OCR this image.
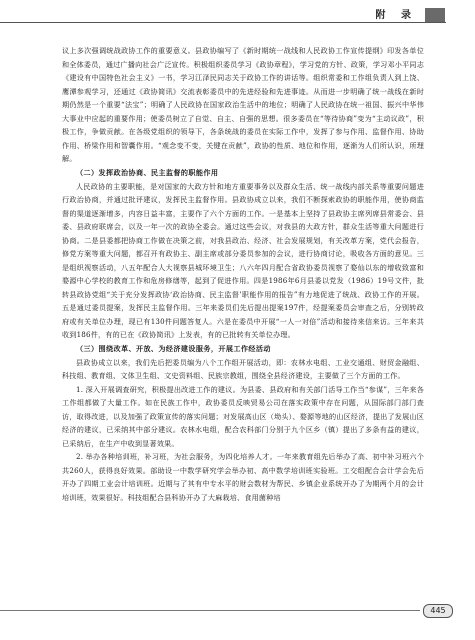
附 录

议上多次强调统战政协工作的重要意义。县政协编写了《新时期统一战线和人民政协工作宣传提纲》印发各单位和全体委员，通过广播向社会广泛宣传。积极组织委员学习《政协章程》，学习党的方针、政策，学习邓小平同志《建设有中国特色社会主义》一书，学习江泽民同志关于政协工作的讲话等。组织常委和工作组负责人到上饶、鹰潭参观学习，还通过《政协简讯》交流表彰委员中的先进经验和先进事迹。从而进一步明确了统一战线在新时期仍然是一个重要“法宝”；明确了人民政协在国家政治生活中的地位；明确了人民政协在统一祖国、振兴中华伟大事业中应起的重要作用；使委员树立了自觉、自主、自强的思想。很多委员在“等待协商”变为“主动议政”，积极工作，争做贡献。在各级党组织的领导下，各条统战的委员在实际工作中，发挥了参与作用、监督作用、协助作用、桥梁作用和智囊作用。“观念变不变，关键在贡献”，政协的性质、地位和作用，逐渐为人们所认识，所理解。

（二）发挥政治协商、民主监督的职能作用

人民政协的主要职能，是对国家的大政方针和地方重要事务以及群众生活、统一战线内部关系等重要问题进行政治协商，并通过批评建议，发挥民主监督作用。县政协成立以来，我们不断探索政协的职能作用，使协商监督的渠道逐渐增多，内容日益丰富，主要作了六个方面的工作。一是基本上坚持了县政协主席列席县常委会、县委、县政府联席会，以及一年一次的政协全委会。通过这些会议，对我县的大政方针，群众生活等重大问题进行协商。二是县委都把协商工作做在决策之前，对我县政治、经济、社会发展规划，有关改革方案，党代会报告，修党方案等重大问题，都召开有政协主、副主席或部分委员参加的会议，进行协商讨论，吸收各方面的意见。三是组织视察活动，八五年配合人大视察县城环境卫生；八六年四月配合省政协委员视察了婺仙以东的增收致富和婺源中心学校的教育工作和危房修缮等，起到了促进作用。四是1986年6月县委以党发（1986）19号文件，批转县政协党组“关于充分发挥政协‘政治协商、民主监督’职能作用的报告”有力地促进了统战、政协工作的开展。五是通过委员提案，发挥民主监督作用。三年来委员们先后提出提案197件，经提案委员会审查之后，分别转政府或有关单位办理，现已有130件问题答复人。六是在委员中开展“一人一对倍”活动和接待来信来访。三年来共收到186件，有的已在《政协简讯》上发表，有的已批转有关单位办理。

（三）围绕改革、开放、为经济建设服务，开展工作经活动

县政协成立以来，我们先后把委员编为八个工作组开展活动，即：农林水电组、工业交通组、财贸金融组、科技组、教育组、文体卫生组、文史资料组、民族宗教组，围绕全县经济建设，主要做了三个方面的工作。

1. 深入开展调查研究，积极提出改进工作的建议。为县委、县政府和有关部门活导工作当“参谋”，三年来各工作组都做了大量工作。如在民族工作中，政协委员反映贸易公司在落实政策中存在问题，从国际部门部门查访，取得改进，以及加强了政策宣传的落实问题；对发展高山区（坳头）、婺源等地的山区经济，提出了发展山区经济的建议，已采纳其中部分建议。农林水电组，配合农科部门分别于九个区乡（镇）提出了多条有益的建议，已采纳后，在生产中收到显著效果。

2. 举办各种培训班，补习班，为社会服务，为四化培养人才。一年来教育组先后举办了高、初中补习班六个共260人，获得良好效果。部助设一中数学研究学会举办初、高中数学培训班实验班。工交组配合会计学会先后开办了四期工业会计培训班。近期与了其有中专水平的财会数材为帮民、乡镇企业系统开办了为期两个月的会计培训班，效果很好。科技组配合县科协开办了大麻栽培、食用菌种培

445
